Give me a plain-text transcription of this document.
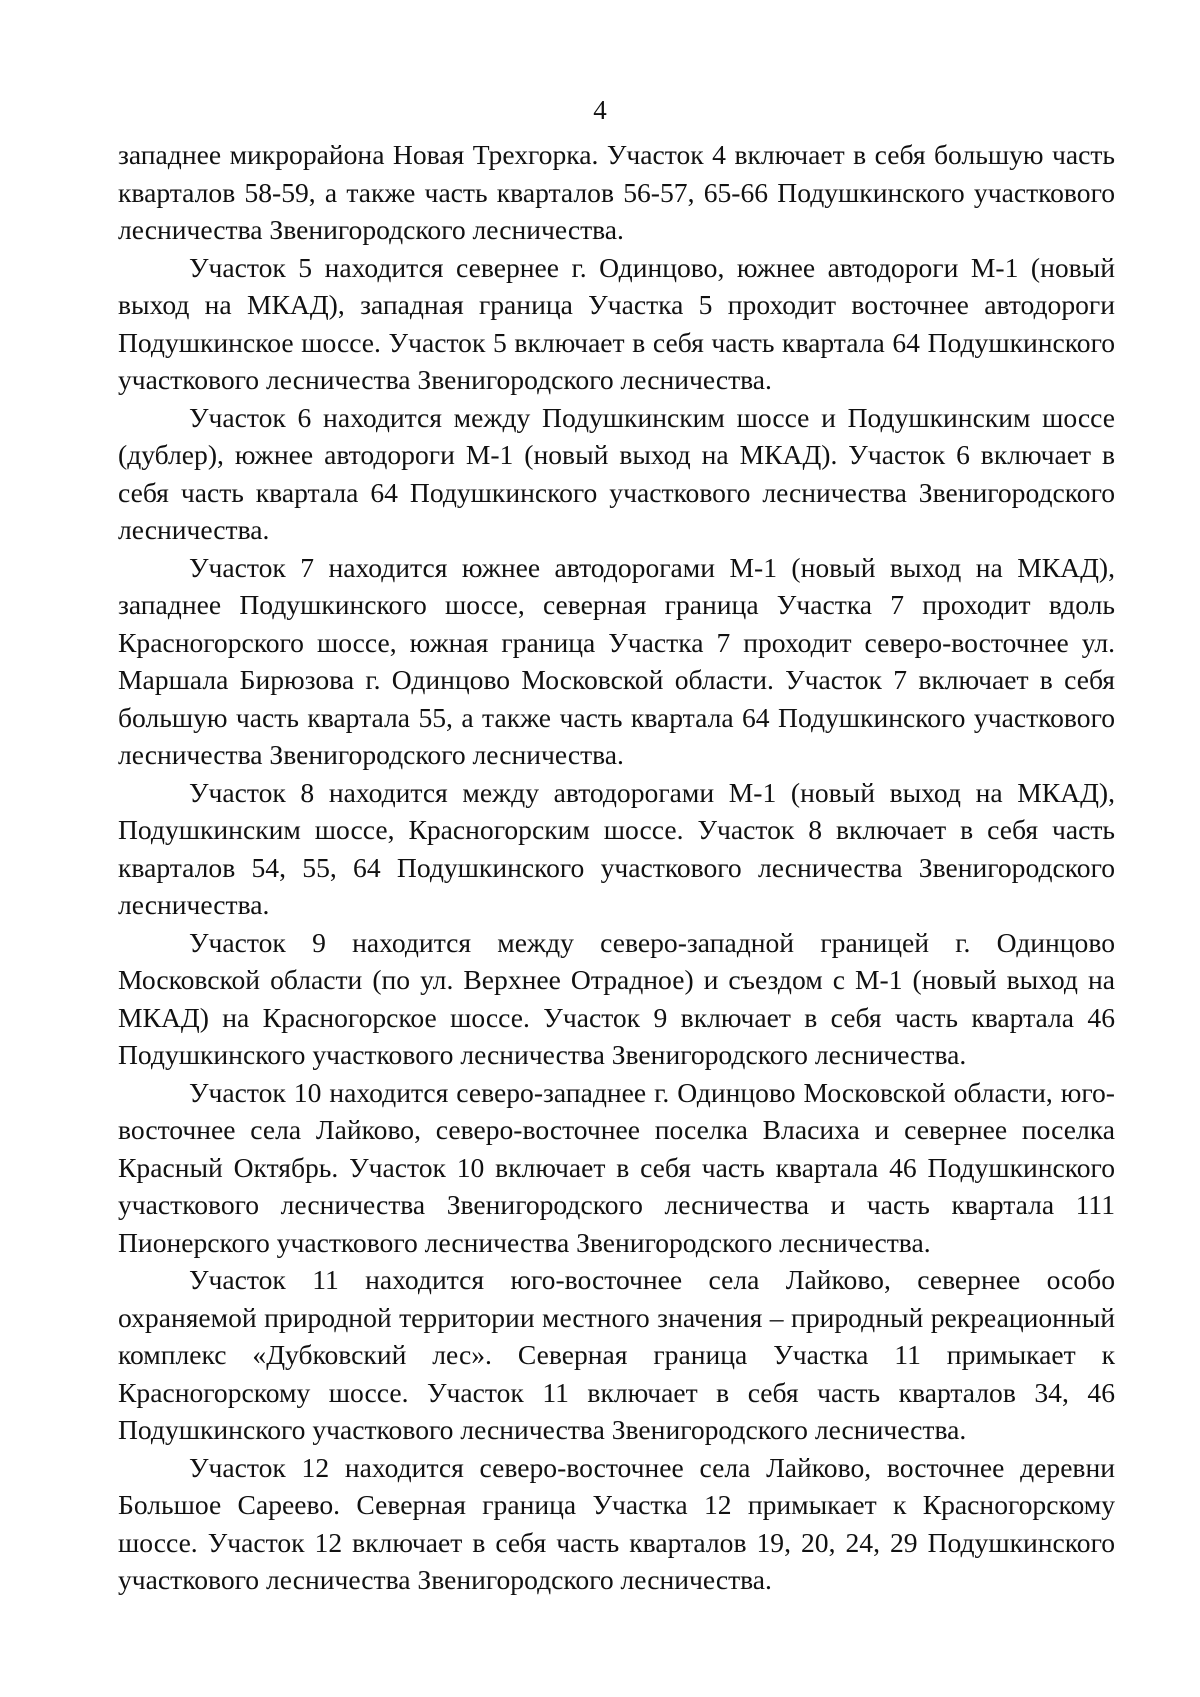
4

западнее микрорайона Новая Трехгорка. Участок 4 включает в себя большую часть кварталов 58-59, а также часть кварталов 56-57, 65-66 Подушкинского участкового лесничества Звенигородского лесничества.

Участок 5 находится севернее г. Одинцово, южнее автодороги М-1 (новый выход на МКАД), западная граница Участка 5 проходит восточнее автодороги Подушкинское шоссе. Участок 5 включает в себя часть квартала 64 Подушкинского участкового лесничества Звенигородского лесничества.

Участок 6 находится между Подушкинским шоссе и Подушкинским шоссе (дублер), южнее автодороги М-1 (новый выход на МКАД). Участок 6 включает в себя часть квартала 64 Подушкинского участкового лесничества Звенигородского лесничества.

Участок 7 находится южнее автодорогами М-1 (новый выход на МКАД), западнее Подушкинского шоссе, северная граница Участка 7 проходит вдоль Красногорского шоссе, южная граница Участка 7 проходит северо-восточнее ул. Маршала Бирюзова г. Одинцово Московской области. Участок 7 включает в себя большую часть квартала 55, а также часть квартала 64 Подушкинского участкового лесничества Звенигородского лесничества.

Участок 8 находится между автодорогами М-1 (новый выход на МКАД), Подушкинским шоссе, Красногорским шоссе. Участок 8 включает в себя часть кварталов 54, 55, 64 Подушкинского участкового лесничества Звенигородского лесничества.

Участок 9 находится между северо-западной границей г. Одинцово Московской области (по ул. Верхнее Отрадное) и съездом с М-1 (новый выход на МКАД) на Красногорское шоссе. Участок 9 включает в себя часть квартала 46 Подушкинского участкового лесничества Звенигородского лесничества.

Участок 10 находится северо-западнее г. Одинцово Московской области, юго-восточнее села Лайково, северо-восточнее поселка Власиха и севернее поселка Красный Октябрь. Участок 10 включает в себя часть квартала 46 Подушкинского участкового лесничества Звенигородского лесничества и часть квартала 111 Пионерского участкового лесничества Звенигородского лесничества.

Участок 11 находится юго-восточнее села Лайково, севернее особо охраняемой природной территории местного значения – природный рекреационный комплекс «Дубковский лес». Северная граница Участка 11 примыкает к Красногорскому шоссе. Участок 11 включает в себя часть кварталов 34, 46 Подушкинского участкового лесничества Звенигородского лесничества.

Участок 12 находится северо-восточнее села Лайково, восточнее деревни Большое Сареево. Северная граница Участка 12 примыкает к Красногорскому шоссе. Участок 12 включает в себя часть кварталов 19, 20, 24, 29 Подушкинского участкового лесничества Звенигородского лесничества.
